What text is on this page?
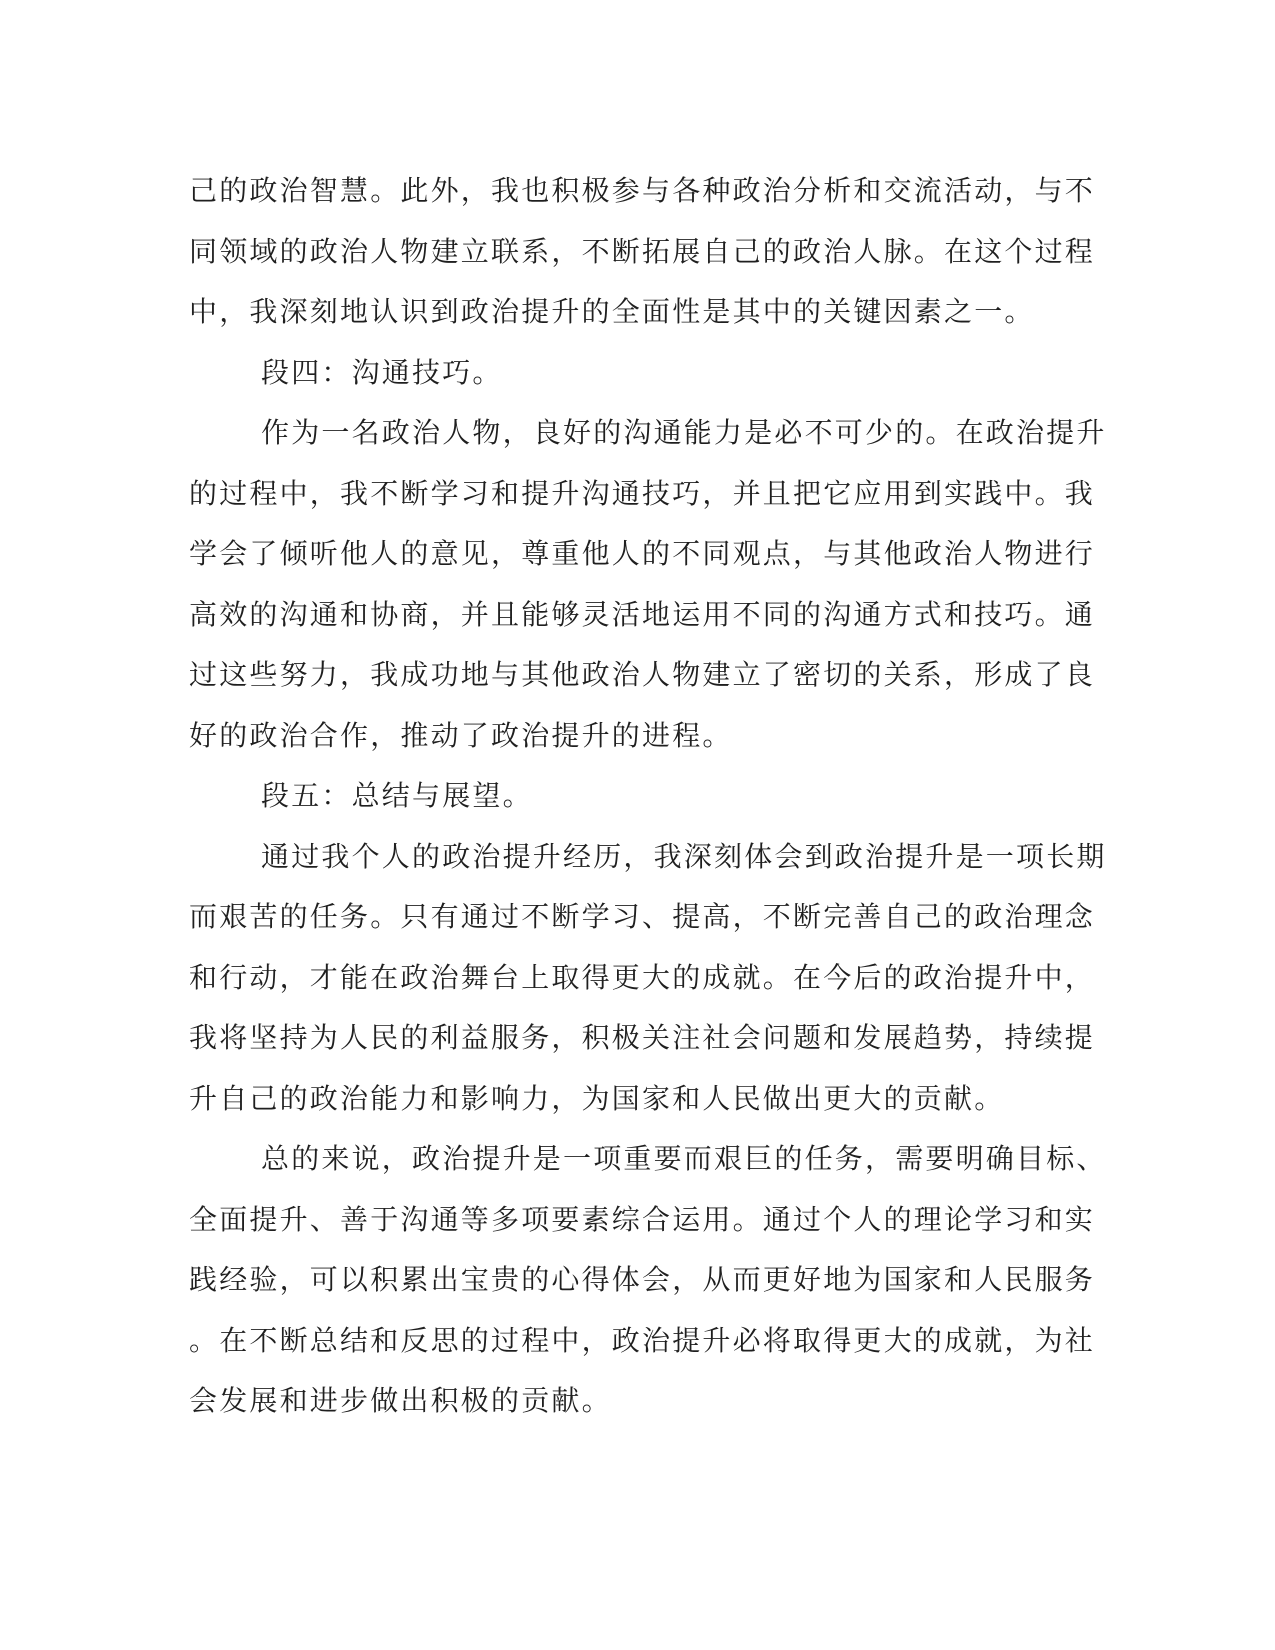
己的政治智慧。此外，我也积极参与各种政治分析和交流活动，与不
同领域的政治人物建立联系，不断拓展自己的政治人脉。在这个过程
中，我深刻地认识到政治提升的全面性是其中的关键因素之一。
段四：沟通技巧。
作为一名政治人物，良好的沟通能力是必不可少的。在政治提升
的过程中，我不断学习和提升沟通技巧，并且把它应用到实践中。我
学会了倾听他人的意见，尊重他人的不同观点，与其他政治人物进行
高效的沟通和协商，并且能够灵活地运用不同的沟通方式和技巧。通
过这些努力，我成功地与其他政治人物建立了密切的关系，形成了良
好的政治合作，推动了政治提升的进程。
段五：总结与展望。
通过我个人的政治提升经历，我深刻体会到政治提升是一项长期
而艰苦的任务。只有通过不断学习、提高，不断完善自己的政治理念
和行动，才能在政治舞台上取得更大的成就。在今后的政治提升中，
我将坚持为人民的利益服务，积极关注社会问题和发展趋势，持续提
升自己的政治能力和影响力，为国家和人民做出更大的贡献。
总的来说，政治提升是一项重要而艰巨的任务，需要明确目标、
全面提升、善于沟通等多项要素综合运用。通过个人的理论学习和实
践经验，可以积累出宝贵的心得体会，从而更好地为国家和人民服务
。在不断总结和反思的过程中，政治提升必将取得更大的成就，为社
会发展和进步做出积极的贡献。
